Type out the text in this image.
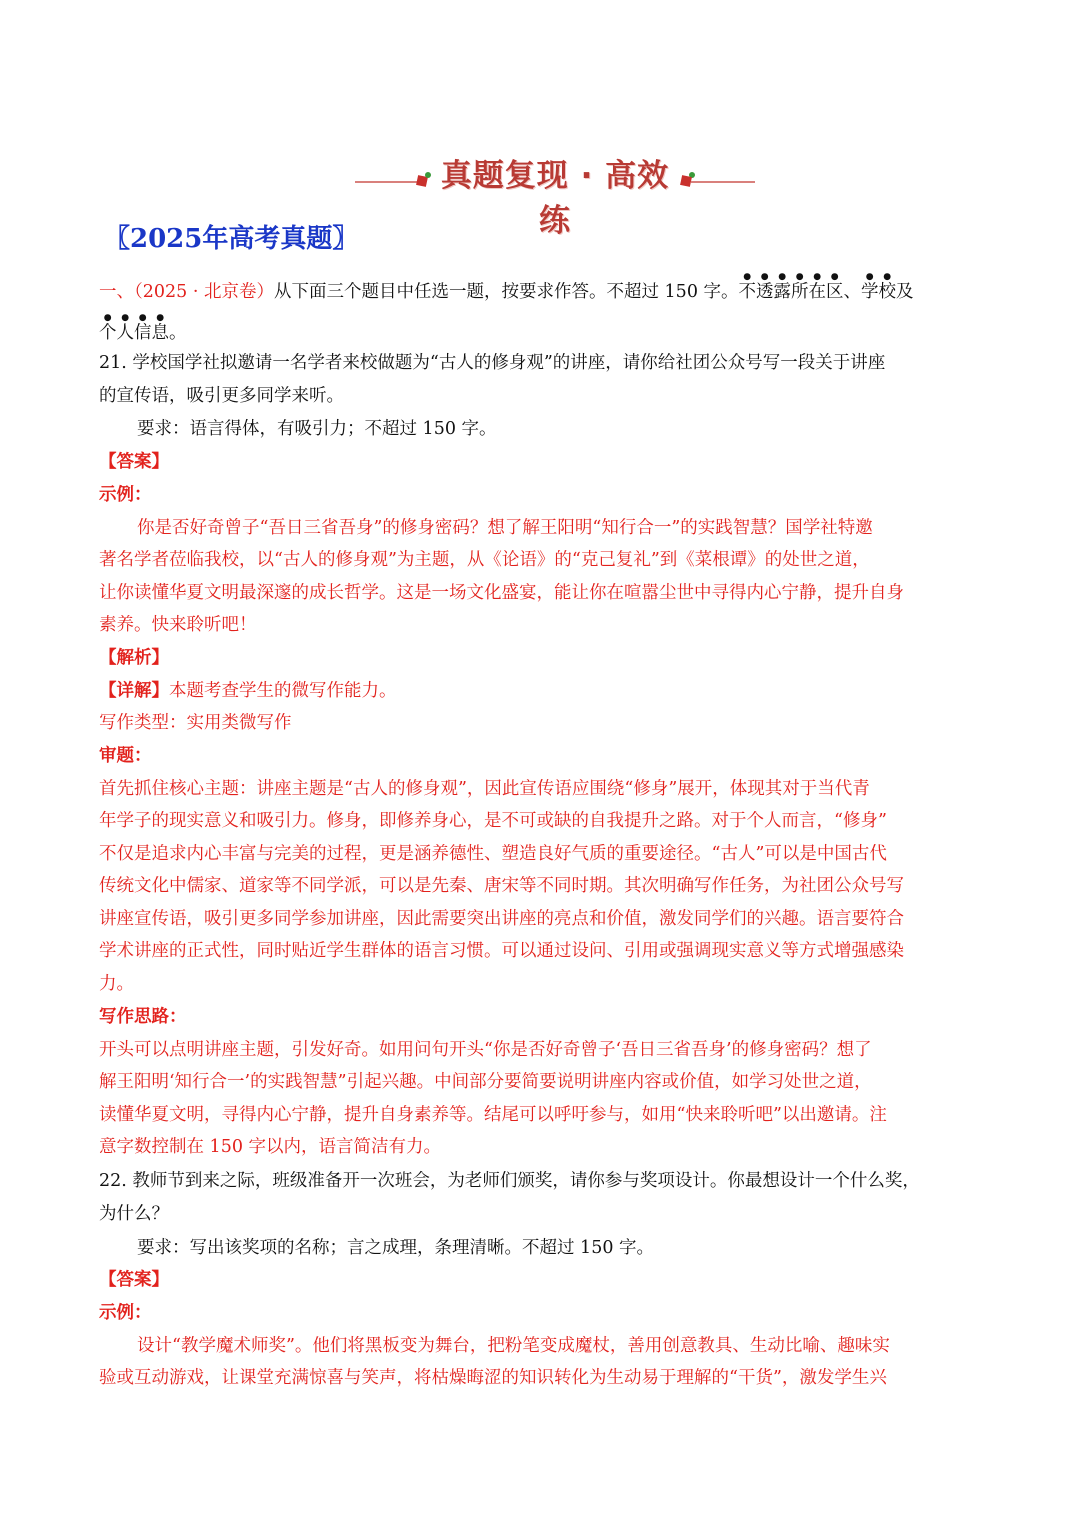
真题复现 · 高效练
〖2025年高考真题〗
一、（2025 · 北京卷）从下面三个题目中任选一题，按要求作答。不超过 150 字。不透露所在区、学校及
个人信息。
21. 学校国学社拟邀请一名学者来校做题为“古人的修身观”的讲座，请你给社团公众号写一段关于讲座
的宣传语，吸引更多同学来听。
要求：语言得体，有吸引力；不超过 150 字。
【答案】
示例：
你是否好奇曾子“吾日三省吾身”的修身密码？想了解王阳明“知行合一”的实践智慧？国学社特邀
著名学者莅临我校，以“古人的修身观”为主题，从《论语》的“克己复礼”到《菜根谭》的处世之道，
让你读懂华夏文明最深邃的成长哲学。这是一场文化盛宴，能让你在喧嚣尘世中寻得内心宁静，提升自身
素养。快来聆听吧！
【解析】
【详解】本题考查学生的微写作能力。
写作类型：实用类微写作
审题：
首先抓住核心主题：讲座主题是“古人的修身观”，因此宣传语应围绕“修身”展开，体现其对于当代青
年学子的现实意义和吸引力。修身，即修养身心，是不可或缺的自我提升之路。对于个人而言，“修身”
不仅是追求内心丰富与完美的过程，更是涵养德性、塑造良好气质的重要途径。“古人”可以是中国古代
传统文化中儒家、道家等不同学派，可以是先秦、唐宋等不同时期。其次明确写作任务，为社团公众号写
讲座宣传语，吸引更多同学参加讲座，因此需要突出讲座的亮点和价值，激发同学们的兴趣。语言要符合
学术讲座的正式性，同时贴近学生群体的语言习惯。可以通过设问、引用或强调现实意义等方式增强感染
力。
写作思路：
开头可以点明讲座主题，引发好奇。如用问句开头“你是否好奇曾子‘吾日三省吾身’的修身密码？想了
解王阳明‘知行合一’的实践智慧”引起兴趣。中间部分要简要说明讲座内容或价值，如学习处世之道，
读懂华夏文明，寻得内心宁静，提升自身素养等。结尾可以呼吁参与，如用“快来聆听吧”以出邀请。注
意字数控制在 150 字以内，语言简洁有力。
22. 教师节到来之际，班级准备开一次班会，为老师们颁奖，请你参与奖项设计。你最想设计一个什么奖，
为什么？
要求：写出该奖项的名称；言之成理，条理清晰。不超过 150 字。
【答案】
示例：
设计“教学魔术师奖”。他们将黑板变为舞台，把粉笔变成魔杖，善用创意教具、生动比喻、趣味实
验或互动游戏，让课堂充满惊喜与笑声，将枯燥晦涩的知识转化为生动易于理解的“干货”，激发学生兴
